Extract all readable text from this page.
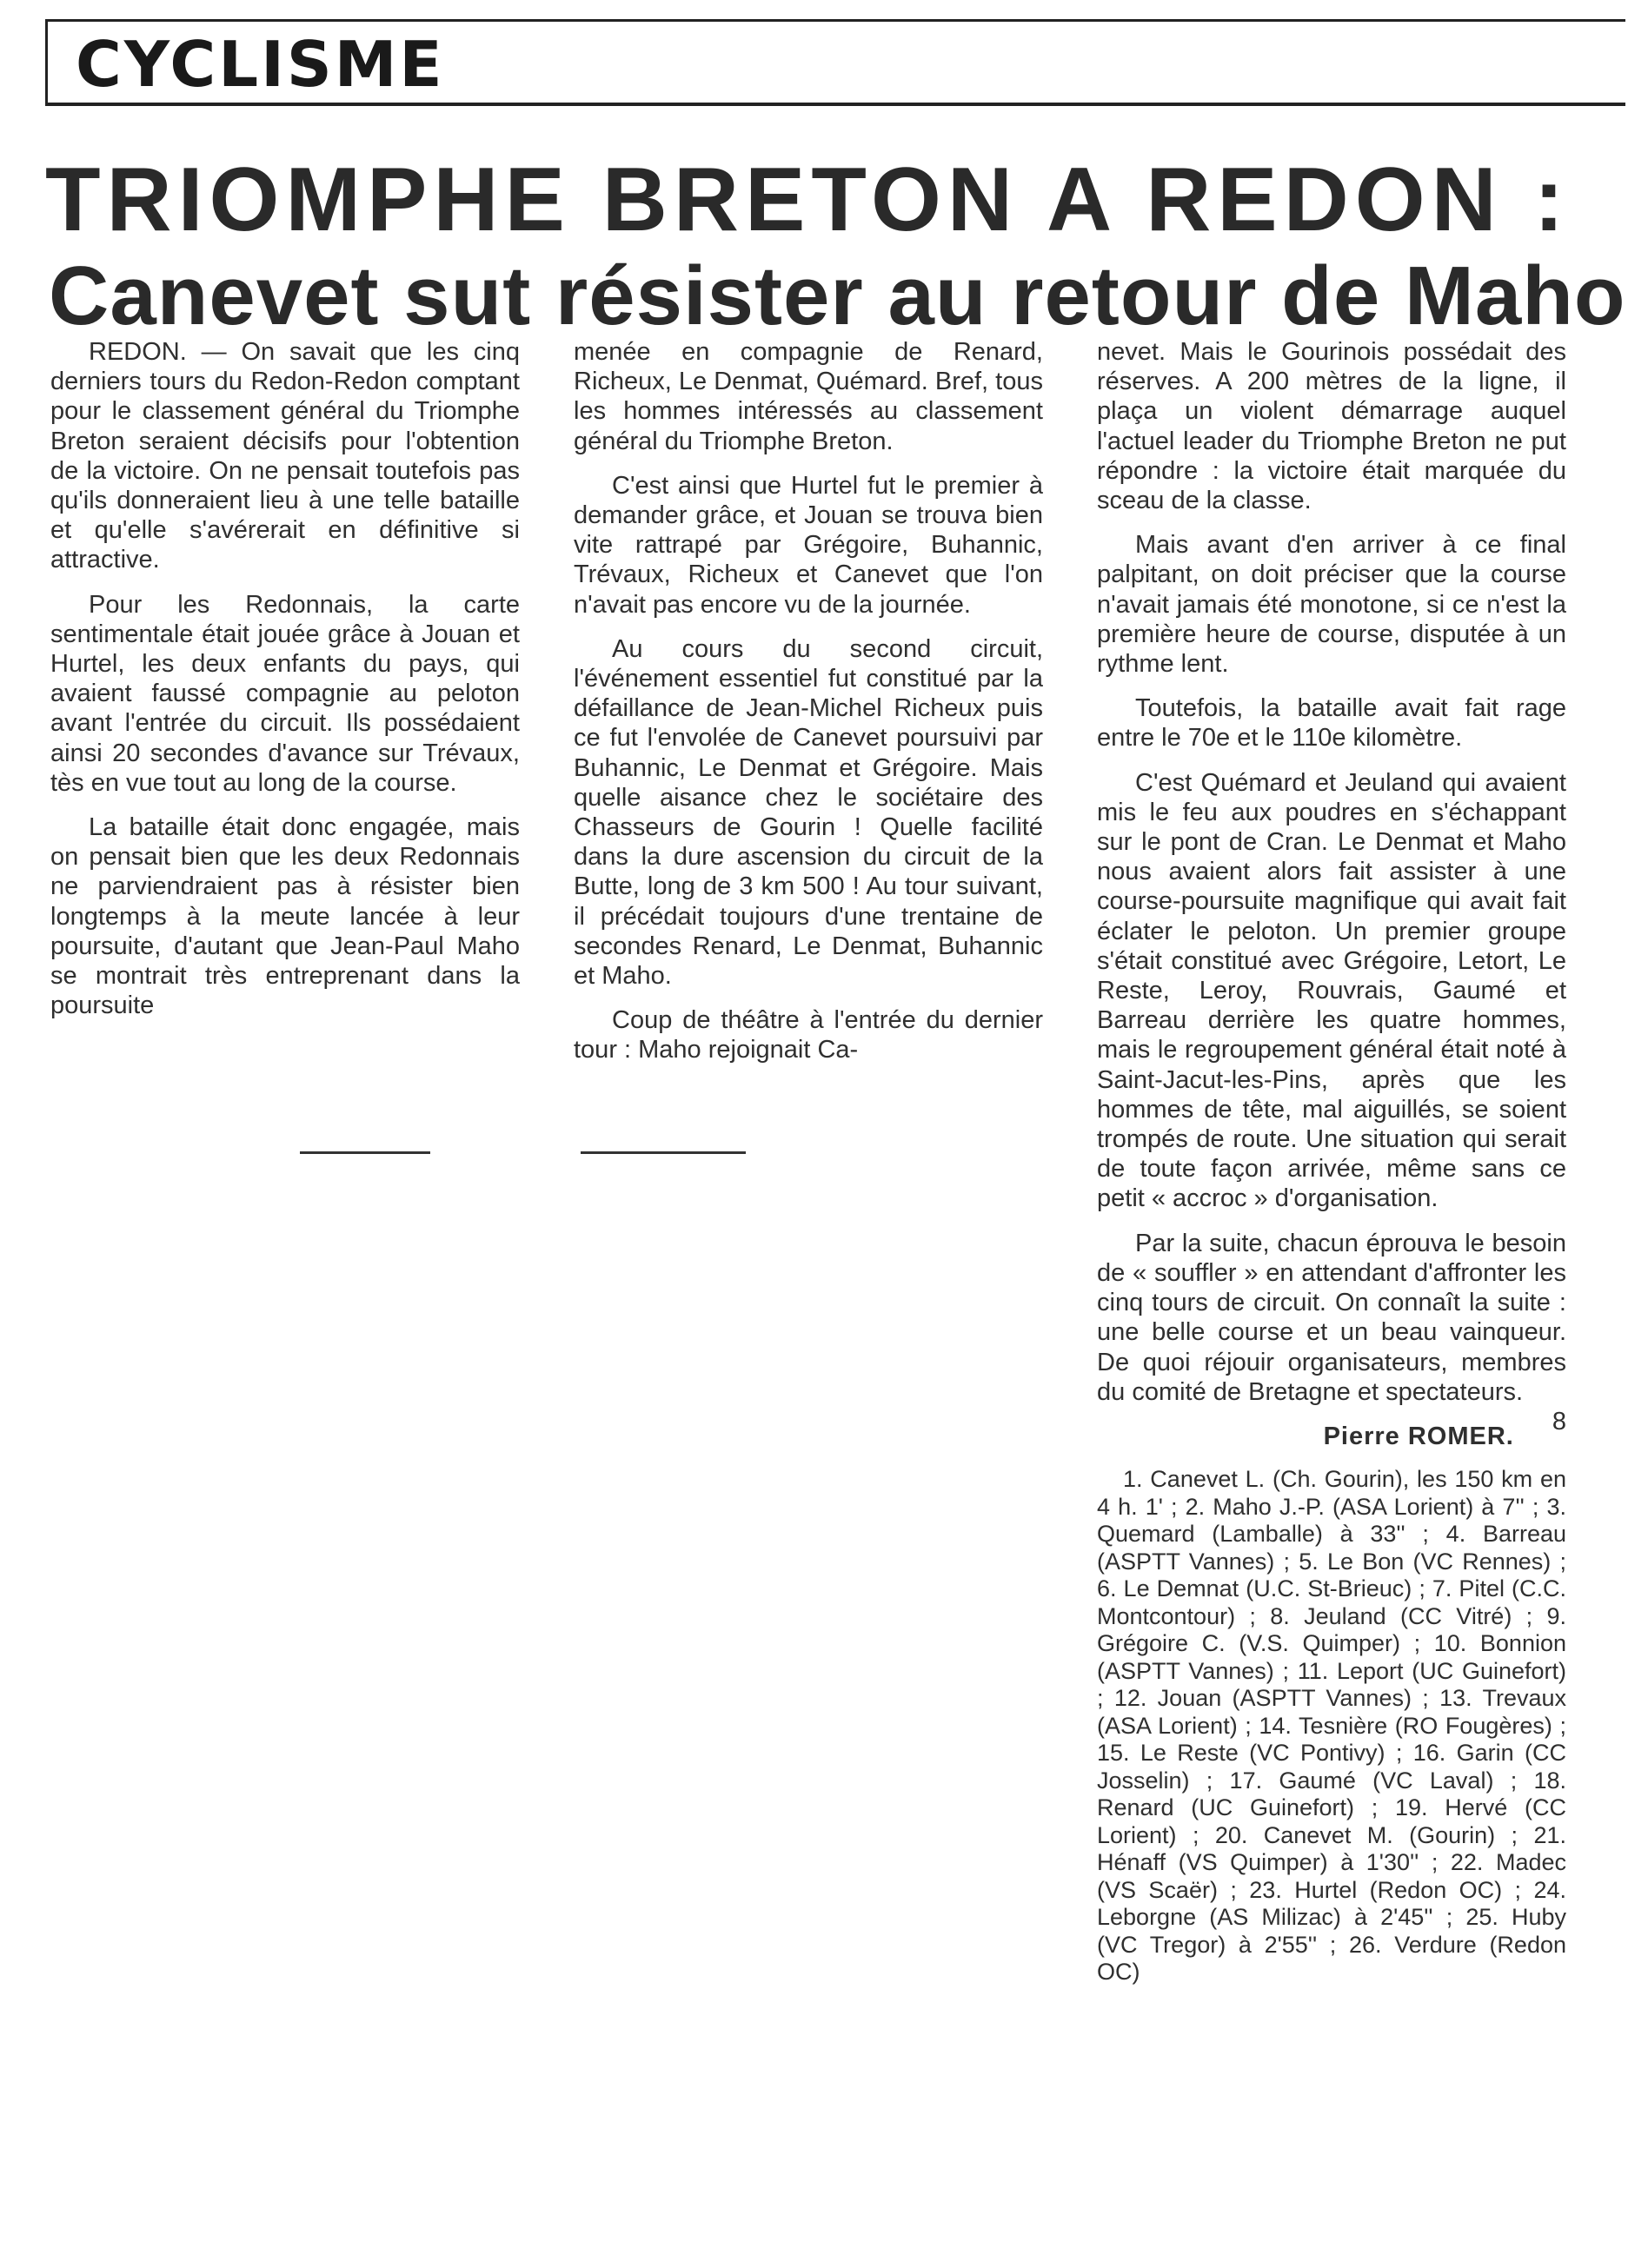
CYCLISME
TRIOMPHE BRETON A REDON :
Canevet sut résister au retour de Maho

REDON. — On savait que les cinq derniers tours du Redon-Redon comptant pour le classement général du Triomphe Breton seraient décisifs pour l'obtention de la victoire. On ne pensait toutefois pas qu'ils donneraient lieu à une telle bataille et qu'elle s'avérerait en définitive si attractive.

Pour les Redonnais, la carte sentimentale était jouée grâce à Jouan et Hurtel, les deux enfants du pays, qui avaient faussé compagnie au peloton avant l'entrée du circuit. Ils possédaient ainsi 20 secondes d'avance sur Trévaux, tès en vue tout au long de la course.

La bataille était donc engagée, mais on pensait bien que les deux Redonnais ne parviendraient pas à résister bien longtemps à la meute lancée à leur poursuite, d'autant que Jean-Paul Maho se montrait très entreprenant dans la poursuite

menée en compagnie de Renard, Richeux, Le Denmat, Quémard. Bref, tous les hommes intéressés au classement général du Triomphe Breton.

C'est ainsi que Hurtel fut le premier à demander grâce, et Jouan se trouva bien vite rattrapé par Grégoire, Buhannic, Trévaux, Richeux et Canevet que l'on n'avait pas encore vu de la journée.

Au cours du second circuit, l'événement essentiel fut constitué par la défaillance de Jean-Michel Richeux puis ce fut l'envolée de Canevet poursuivi par Buhannic, Le Denmat et Grégoire. Mais quelle aisance chez le sociétaire des Chasseurs de Gourin ! Quelle facilité dans la dure ascension du circuit de la Butte, long de 3 km 500 ! Au tour suivant, il précédait toujours d'une trentaine de secondes Renard, Le Denmat, Buhannic et Maho.

Coup de théâtre à l'entrée du dernier tour : Maho rejoignait Ca-

nevet. Mais le Gourinois possédait des réserves. A 200 mètres de la ligne, il plaça un violent démarrage auquel l'actuel leader du Triomphe Breton ne put répondre : la victoire était marquée du sceau de la classe.

Mais avant d'en arriver à ce final palpitant, on doit préciser que la course n'avait jamais été monotone, si ce n'est la première heure de course, disputée à un rythme lent.

Toutefois, la bataille avait fait rage entre le 70e et le 110e kilomètre.

C'est Quémard et Jeuland qui avaient mis le feu aux poudres en s'échappant sur le pont de Cran. Le Denmat et Maho nous avaient alors fait assister à une course-poursuite magnifique qui avait fait éclater le peloton. Un premier groupe s'était constitué avec Grégoire, Letort, Le Reste, Leroy, Rouvrais, Gaumé et Barreau derrière les quatre hommes, mais le regroupement général était noté à Saint-Jacut-les-Pins, après que les hommes de tête, mal aiguillés, se soient trompés de route. Une situation qui serait de toute façon arrivée, même sans ce petit « accroc » d'organisation.

Par la suite, chacun éprouva le besoin de « souffler » en attendant d'affronter les cinq tours de circuit. On connaît la suite : une belle course et un beau vainqueur. De quoi réjouir organisateurs, membres du comité de Bretagne et spectateurs.
8

Pierre ROMER.

1. Canevet L. (Ch. Gourin), les 150 km en 4 h. 1' ; 2. Maho J.-P. (ASA Lorient) à 7'' ; 3. Quemard (Lamballe) à 33'' ; 4. Barreau (ASPTT Vannes) ; 5. Le Bon (VC Rennes) ; 6. Le Demnat (U.C. St-Brieuc) ; 7. Pitel (C.C. Montcontour) ; 8. Jeuland (CC Vitré) ; 9. Grégoire C. (V.S. Quimper) ; 10. Bonnion (ASPTT Vannes) ; 11. Leport (UC Guinefort) ; 12. Jouan (ASPTT Vannes) ; 13. Trevaux (ASA Lorient) ; 14. Tesnière (RO Fougères) ; 15. Le Reste (VC Pontivy) ; 16. Garin (CC Josselin) ; 17. Gaumé (VC Laval) ; 18. Renard (UC Guinefort) ; 19. Hervé (CC Lorient) ; 20. Canevet M. (Gourin) ; 21. Hénaff (VS Quimper) à 1'30'' ; 22. Madec (VS Scaër) ; 23. Hurtel (Redon OC) ; 24. Leborgne (AS Milizac) à 2'45'' ; 25. Huby (VC Tregor) à 2'55'' ; 26. Verdure (Redon OC)
